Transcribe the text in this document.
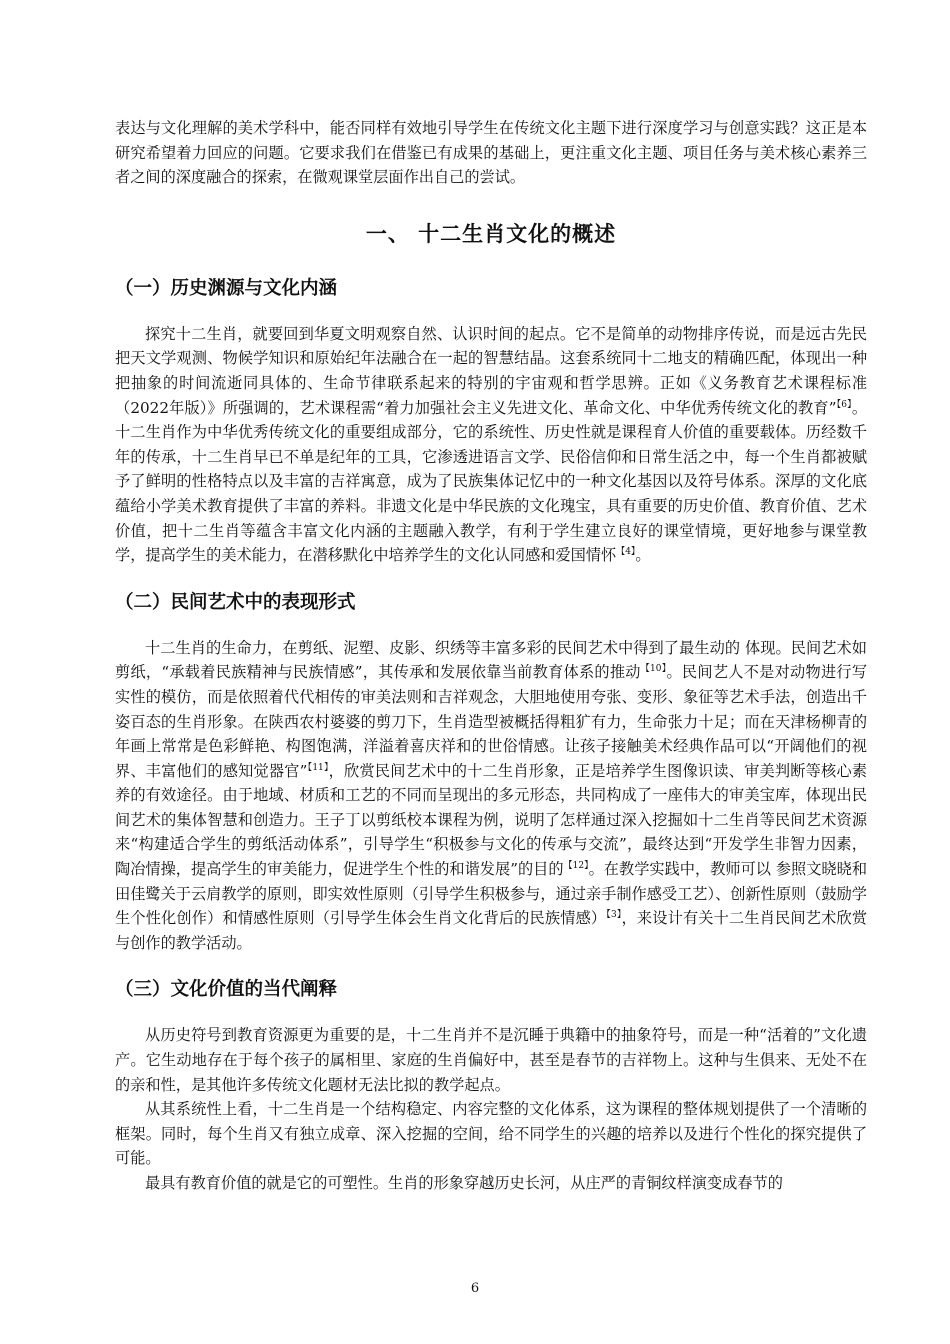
表达与文化理解的美术学科中，能否同样有效地引导学生在传统文化主题下进行深度学习与创意实践？这正是本研究希望着力回应的问题。它要求我们在借鉴已有成果的基础上，更注重文化主题、项目任务与美术核心素养三者之间的深度融合的探索，在微观课堂层面作出自己的尝试。

一、 十二生肖文化的概述
（一）历史渊源与文化内涵

探究十二生肖，就要回到华夏文明观察自然、认识时间的起点。它不是简单的动物排序传说，而是远古先民把天文学观测、物候学知识和原始纪年法融合在一起的智慧结晶。这套系统同十二地支的精确匹配，体现出一种把抽象的时间流逝同具体的、生命节律联系起来的特别的宇宙观和哲学思辨。正如《义务教育艺术课程标准（2022年版）》所强调的，艺术课程需“着力加强社会主义先进文化、革命文化、中华优秀传统文化的教育”$^{【6】}$。十二生肖作为中华优秀传统文化的重要组成部分，它的系统性、历史性就是课程育人价值的重要载体。历经数千年的传承，十二生肖早已不单是纪年的工具，它渗透进语言文学、民俗信仰和日常生活之中，每一个生肖都被赋予了鲜明的性格特点以及丰富的吉祥寓意，成为了民族集体记忆中的一种文化基因以及符号体系。深厚的文化底蕴给小学美术教育提供了丰富的养料。非遗文化是中华民族的文化瑰宝，具有重要的历史价值、教育价值、艺术价值，把十二生肖等蕴含丰富文化内涵的主题融入教学，有利于学生建立良好的课堂情境，更好地参与课堂教学，提高学生的美术能力，在潜移默化中培养学生的文化认同感和爱国情怀$^{【4】}$。

（二）民间艺术中的表现形式

十二生肖的生命力，在剪纸、泥塑、皮影、织绣等丰富多彩的民间艺术中得到了最生动的 体现。民间艺术如剪纸，“承载着民族精神与民族情感”，其传承和发展依靠当前教育体系的推动$^{【10】}$。民间艺人不是对动物进行写实性的模仿，而是依照着代代相传的审美法则和吉祥观念，大胆地使用夸张、变形、象征等艺术手法，创造出千姿百态的生肖形象。在陕西农村婆婆的剪刀下，生肖造型被概括得粗犷有力，生命张力十足；而在天津杨柳青的年画上常常是色彩鲜艳、构图饱满，洋溢着喜庆祥和的世俗情感。让孩子接触美术经典作品可以“开阔他们的视界、丰富他们的感知觉器官”$^{【11】}$，欣赏民间艺术中的十二生肖形象，正是培养学生图像识读、审美判断等核心素养的有效途径。由于地域、材质和工艺的不同而呈现出的多元形态，共同构成了一座伟大的审美宝库，体现出民间艺术的集体智慧和创造力。王子丁以剪纸校本课程为例，说明了怎样通过深入挖掘如十二生肖等民间艺术资源来“构建适合学生的剪纸活动体系”，引导学生“积极参与文化的传承与交流”，最终达到“开发学生非智力因素，陶冶情操，提高学生的审美能力，促进学生个性的和谐发展”的目的$^{【12】}$。在教学实践中，教师可以 参照文晓晓和田佳鹭关于云肩教学的原则，即实效性原则（引导学生积极参与，通过亲手制作感受工艺）、创新性原则（鼓励学生个性化创作）和情感性原则（引导学生体会生肖文化背后的民族情感）$^{【3】}$，来设计有关十二生肖民间艺术欣赏与创作的教学活动。

（三）文化价值的当代阐释

从历史符号到教育资源更为重要的是，十二生肖并不是沉睡于典籍中的抽象符号，而是一种“活着的”文化遗产。它生动地存在于每个孩子的属相里、家庭的生肖偏好中，甚至是春节的吉祥物上。这种与生俱来、无处不在的亲和性，是其他许多传统文化题材无法比拟的教学起点。

从其系统性上看，十二生肖是一个结构稳定、内容完整的文化体系，这为课程的整体规划提供了一个清晰的框架。同时，每个生肖又有独立成章、深入挖掘的空间，给不同学生的兴趣的培养以及进行个性化的探究提供了可能。

最具有教育价值的就是它的可塑性。生肖的形象穿越历史长河，从庄严的青铜纹样演变成春节的

6
